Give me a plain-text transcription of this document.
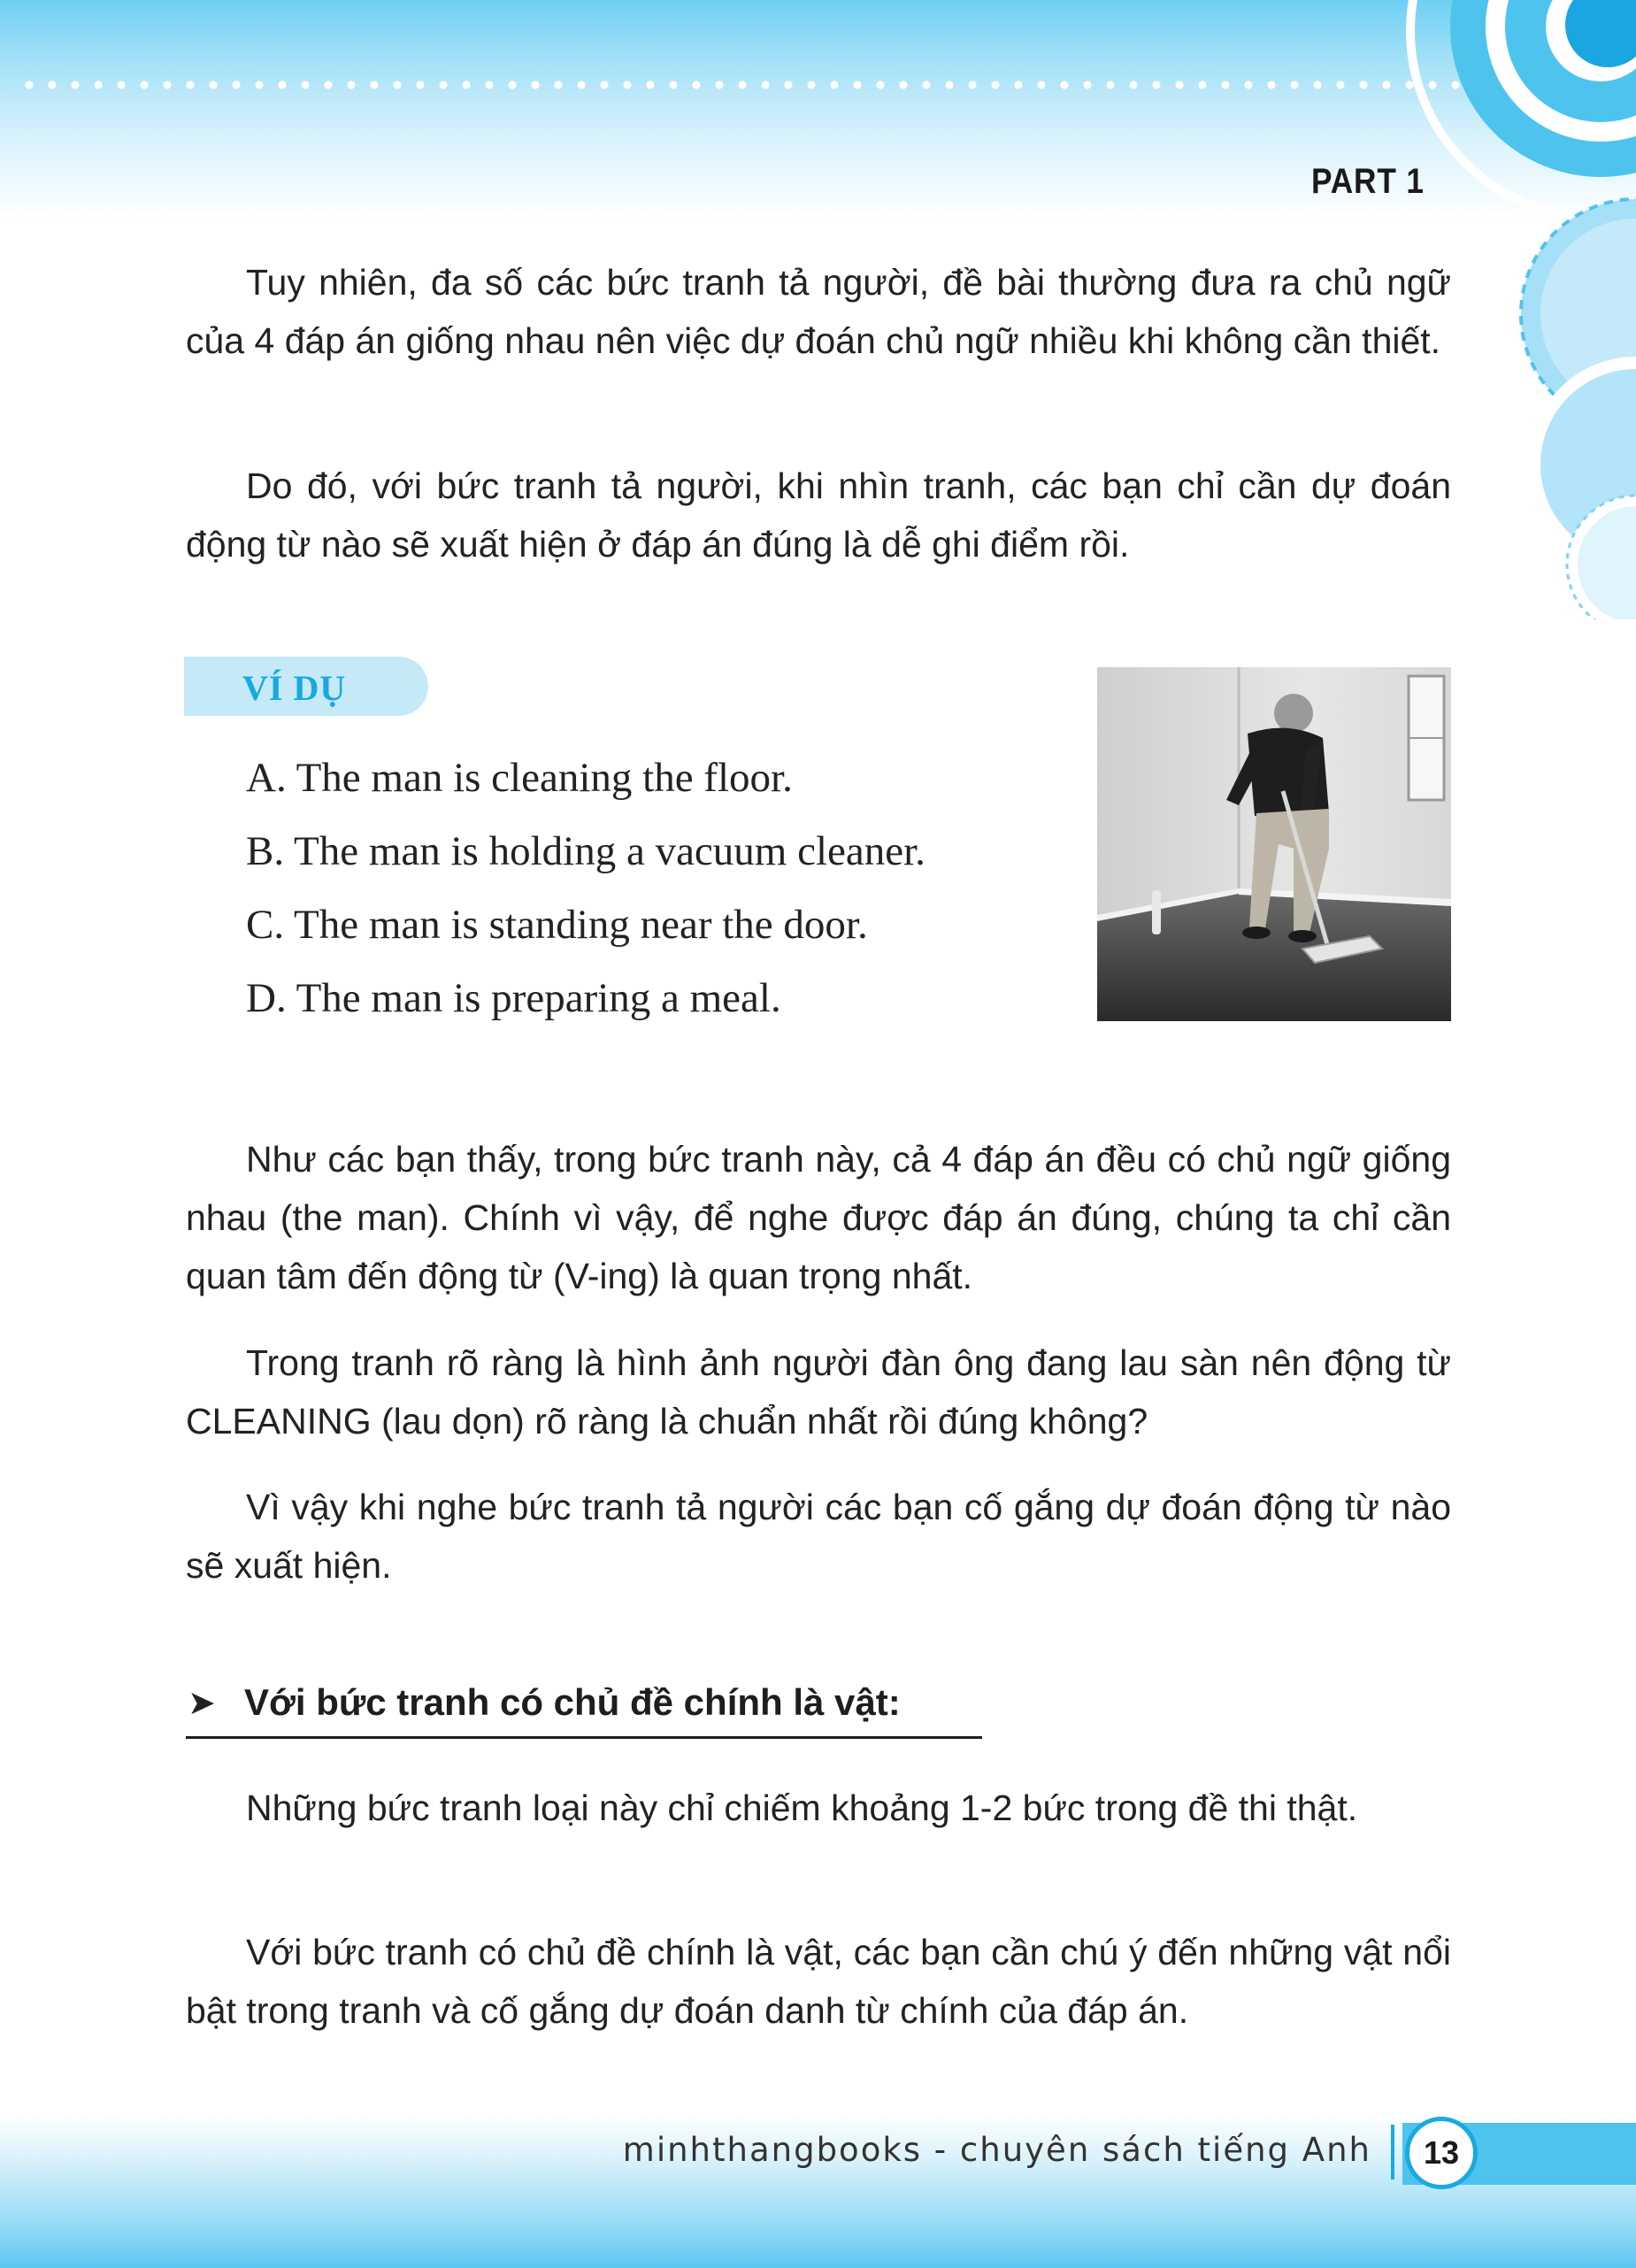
PART 1

Tuy nhiên, đa số các bức tranh tả người, đề bài thường đưa ra chủ ngữ của 4 đáp án giống nhau nên việc dự đoán chủ ngữ nhiều khi không cần thiết.

Do đó, với bức tranh tả người, khi nhìn tranh, các bạn chỉ cần dự đoán động từ nào sẽ xuất hiện ở đáp án đúng là dễ ghi điểm rồi.

VÍ DỤ
A. The man is cleaning the floor.
B. The man is holding a vacuum cleaner.
C. The man is standing near the door.
D. The man is preparing a meal.

Như các bạn thấy, trong bức tranh này, cả 4 đáp án đều có chủ ngữ giống nhau (the man). Chính vì vậy, để nghe được đáp án đúng, chúng ta chỉ cần quan tâm đến động từ (V-ing) là quan trọng nhất.

Trong tranh rõ ràng là hình ảnh người đàn ông đang lau sàn nên động từ CLEANING (lau dọn) rõ ràng là chuẩn nhất rồi đúng không?

Vì vậy khi nghe bức tranh tả người các bạn cố gắng dự đoán động từ nào sẽ xuất hiện.

➤ Với bức tranh có chủ đề chính là vật:

Những bức tranh loại này chỉ chiếm khoảng 1-2 bức trong đề thi thật.

Với bức tranh có chủ đề chính là vật, các bạn cần chú ý đến những vật nổi bật trong tranh và cố gắng dự đoán danh từ chính của đáp án.

minhthangbooks - chuyên sách tiếng Anh	13
